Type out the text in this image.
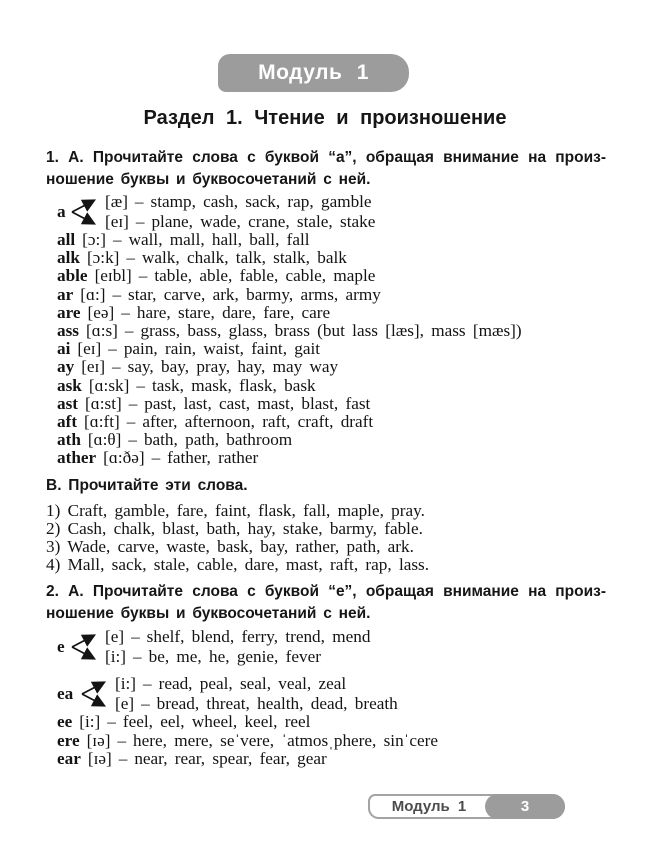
Модуль 1
Раздел 1. Чтение и произношение
1. А. Прочитайте слова с буквой “а”, обращая внимание на произ-
ношение буквы и буквосочетаний с ней.
a	[æ] – stamp, cash, sack, rap, gamble
[eɪ] – plane, wade, crane, stale, stake
all [ɔ:] – wall, mall, hall, ball, fall
alk [ɔ:k] – walk, chalk, talk, stalk, balk
able [eɪbl] – table, able, fable, cable, maple
ar [ɑ:] – star, carve, ark, barmy, arms, army
are [eə] – hare, stare, dare, fare, care
ass [ɑ:s] – grass, bass, glass, brass (but lass [læs], mass [mæs])
ai [eɪ] – pain, rain, waist, faint, gait
ay [eɪ] – say, bay, pray, hay, may way
ask [ɑ:sk] – task, mask, flask, bask
ast [ɑ:st] – past, last, cast, mast, blast, fast
aft [ɑ:ft] – after, afternoon, raft, craft, draft
ath [ɑ:θ] – bath, path, bathroom
ather [ɑ:ðə] – father, rather

В. Прочитайте эти слова.

1) Craft, gamble, fare, faint, flask, fall, maple, pray.
2) Cash, chalk, blast, bath, hay, stake, barmy, fable.
3) Wade, carve, waste, bask, bay, rather, path, ark.
4) Mall, sack, stale, cable, dare, mast, raft, rap, lass.
2. А. Прочитайте слова с буквой “е”, обращая внимание на произ-
ношение буквы и буквосочетаний с ней.
e	[e] – shelf, blend, ferry, trend, mend
[i:] – be, me, he, genie, fever
ea	[i:] – read, peal, seal, veal, zeal
[e] – bread, threat, health, dead, breath
ee [i:] – feel, eel, wheel, keel, reel
ere [ɪə] – here, mere, seˈvere, ˈatmosˌphere, sinˈcere
ear [ɪə] – near, rear, spear, fear, gear
Модуль 1	3
